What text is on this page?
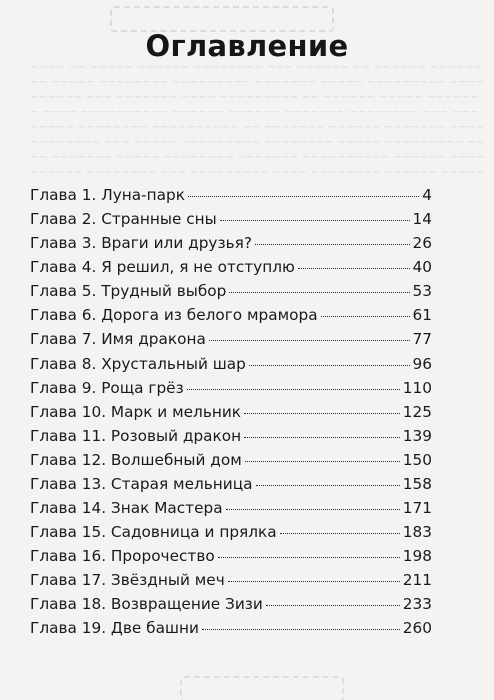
~~~~ ~~ ~~~~~ ~~~~~~ ~~~~~~~~ ~~~ ~~~~~~ ~~ ~~~~~~ ~~~~~~
~~ ~~~~~ ~~~~~~~~ ~~~~~~~~~ ~~~~~~~ ~~~~~ ~~~~~~~~~ ~~~~
~~~~~~ ~~~ ~~~~~~~ ~~~~ ~~~~~~~~~ ~~ ~~~~~~ ~~~~~ ~~~~~~
~ ~~~~ ~~~~~~~~~~ ~~~~~~ ~~~~~~ ~~~~~~~ ~~~~~~~~ ~~~ ~~~
~~~~~ ~~~~~~~~ ~~~~~~~~~~ ~~ ~~~~~~~ ~~~~~~ ~~~~~~~ ~~~~
~~~~~~~~ ~~~ ~~~~~ ~~~~~~~~~ ~~~~~~~~ ~~~~~ ~~~~~~~~~ ~~
~~ ~~~~~~~ ~~~~~ ~~~~~~~~ ~~~~~~~ ~~~~~~~~~~ ~~~~~~ ~~~~
~~~~~~ ~~~~~~~~ ~~~ ~~~~~~~~~ ~~~~ ~~~~~~~~ ~~~~~~ ~~~~~
Оглавление
Глава 1. Луна-парк	4
Глава 2. Странные сны	14
Глава 3. Враги или друзья?	26
Глава 4. Я решил, я не отступлю	40
Глава 5. Трудный выбор	53
Глава 6. Дорога из белого мрамора	61
Глава 7. Имя дракона	77
Глава 8. Хрустальный шар	96
Глава 9. Роща грёз	110
Глава 10. Марк и мельник	125
Глава 11. Розовый дракон	139
Глава 12. Волшебный дом	150
Глава 13. Старая мельница	158
Глава 14. Знак Мастера	171
Глава 15. Садовница и прялка	183
Глава 16. Пророчество	198
Глава 17. Звёздный меч	211
Глава 18. Возвращение Зизи	233
Глава 19. Две башни	260
